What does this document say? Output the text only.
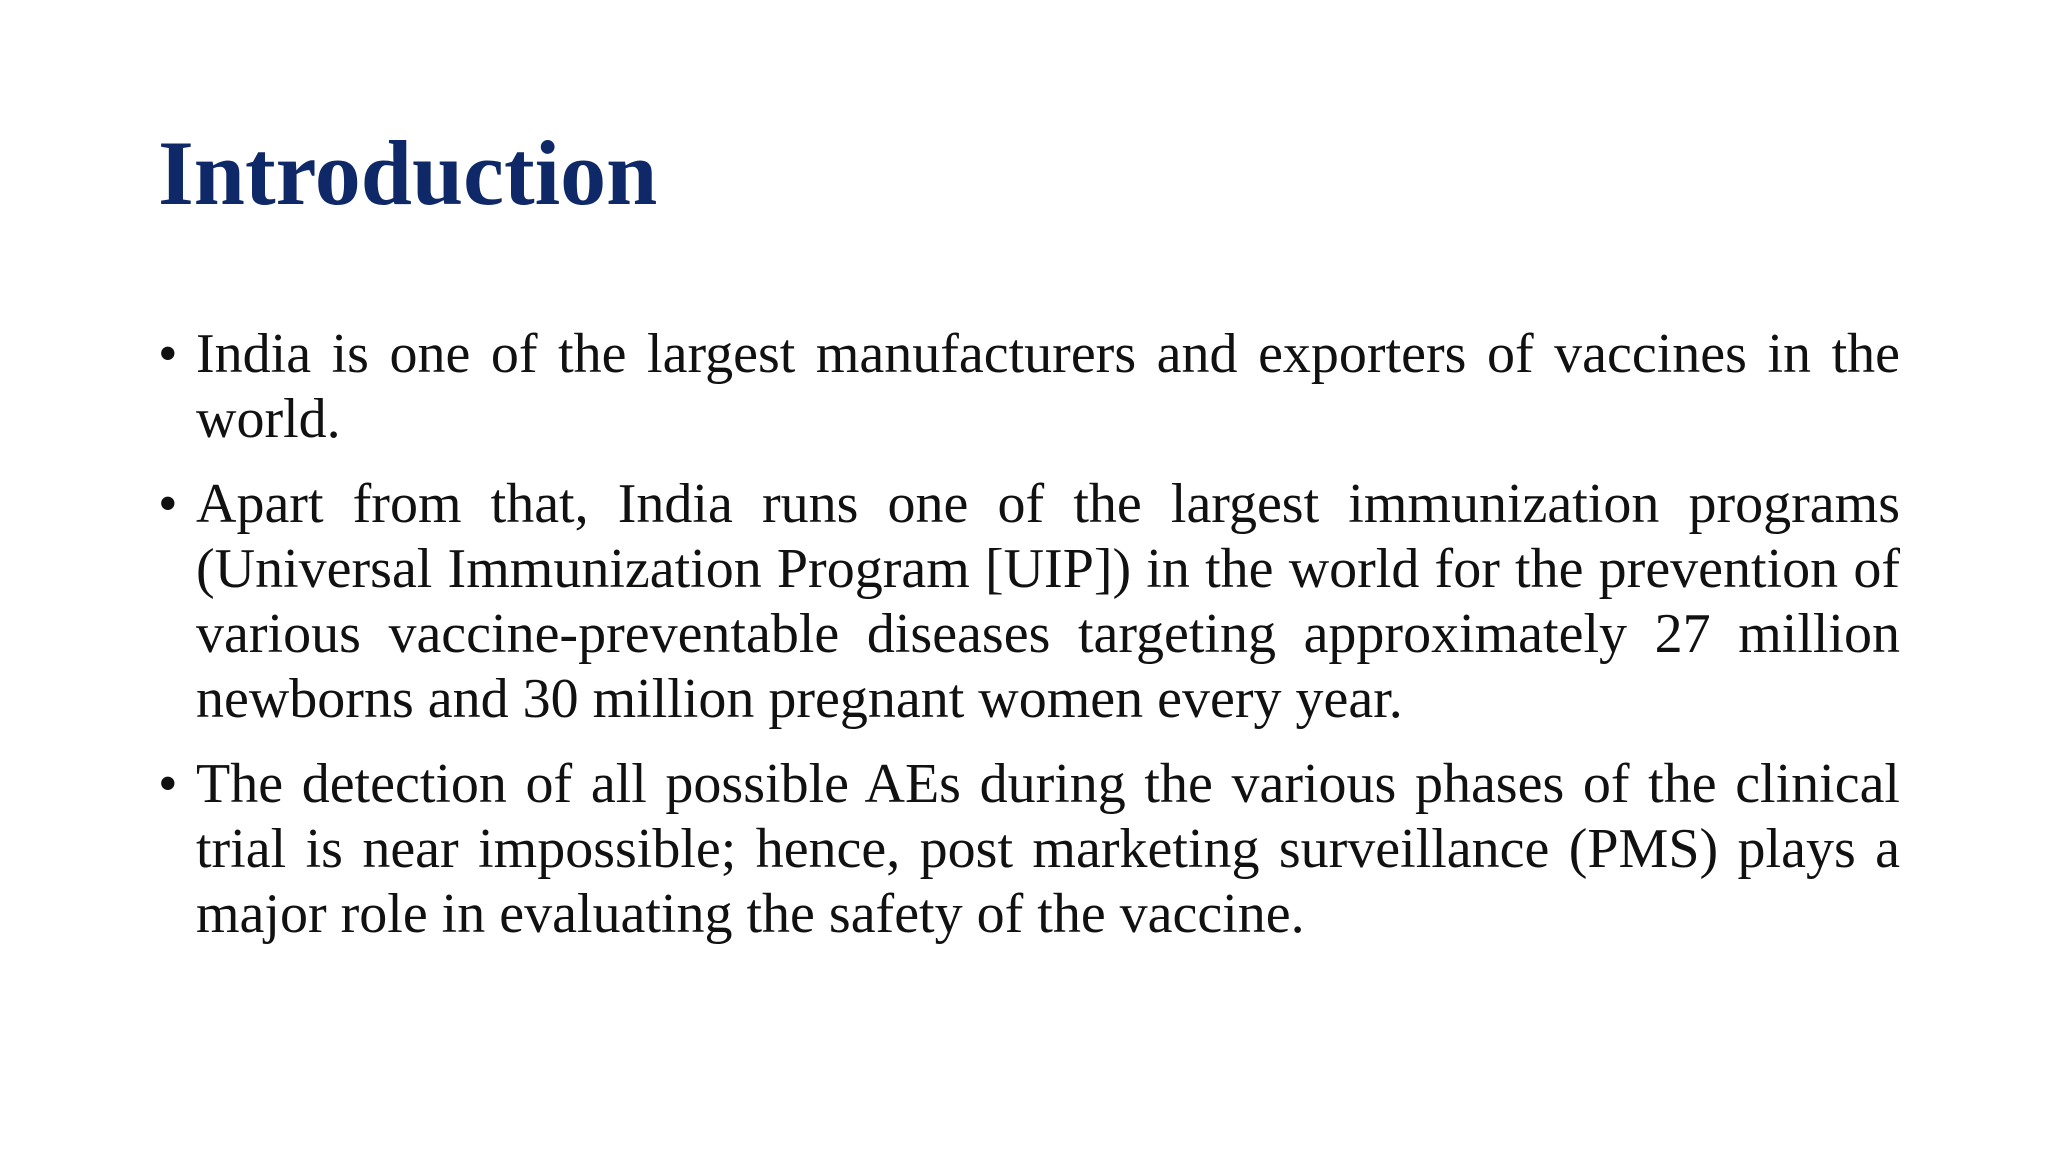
Introduction
• India is one of the largest manufacturers and exporters of vaccines in the world.
• Apart from that, India runs one of the largest immunization programs (Universal Immunization Program [UIP]) in the world for the prevention of various vaccine-preventable diseases targeting approximately 27 million newborns and 30 million pregnant women every year.
• The detection of all possible AEs during the various phases of the clinical trial is near impossible; hence, post marketing surveillance (PMS) plays a major role in evaluating the safety of the vaccine.
